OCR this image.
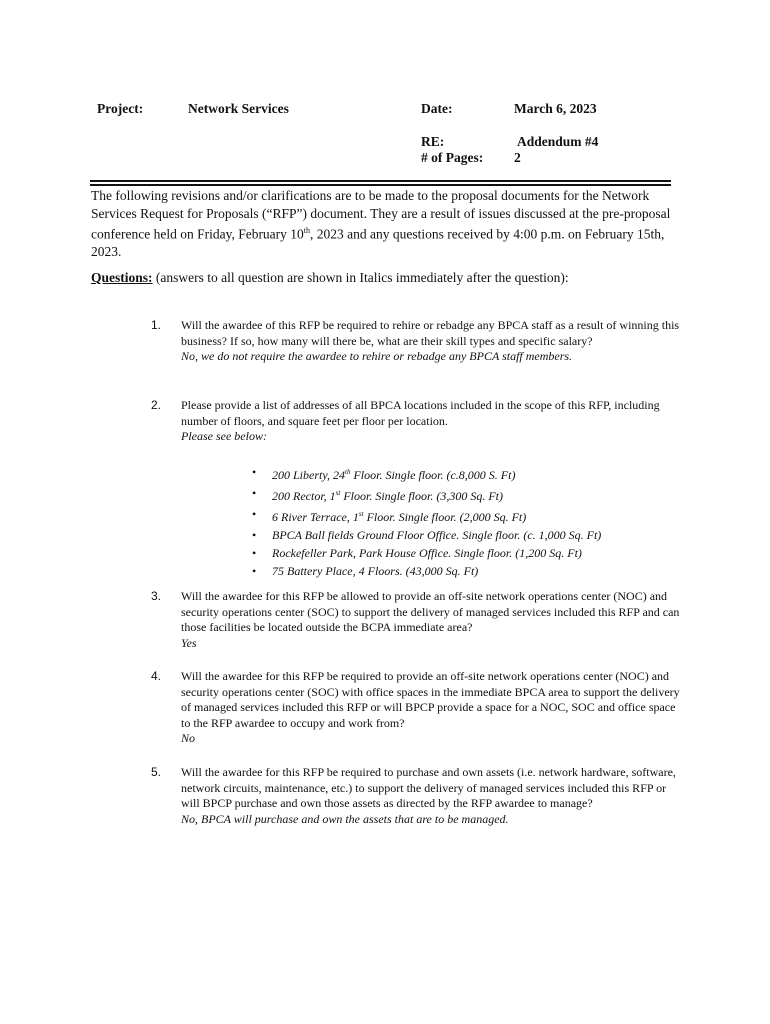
Project:	Network Services	Date:	March 6, 2023
RE:	Addendum #4
# of Pages: 2
The following revisions and/or clarifications are to be made to the proposal documents for the Network Services Request for Proposals (“RFP”) document. They are a result of issues discussed at the pre-proposal conference held on Friday, February 10th, 2023 and any questions received by 4:00 p.m. on February 15th, 2023.
Questions: (answers to all question are shown in Italics immediately after the question):
1. Will the awardee of this RFP be required to rehire or rebadge any BPCA staff as a result of winning this business? If so, how many will there be, what are their skill types and specific salary?
No, we do not require the awardee to rehire or rebadge any BPCA staff members.
2. Please provide a list of addresses of all BPCA locations included in the scope of this RFP, including number of floors, and square feet per floor per location.
Please see below:
• 200 Liberty, 24th Floor. Single floor. (c.8,000 S. Ft)
• 200 Rector, 1st Floor. Single floor. (3,300 Sq. Ft)
• 6 River Terrace, 1st Floor. Single floor. (2,000 Sq. Ft)
• BPCA Ball fields Ground Floor Office. Single floor. (c. 1,000 Sq. Ft)
• Rockefeller Park, Park House Office. Single floor. (1,200 Sq. Ft)
• 75 Battery Place, 4 Floors. (43,000 Sq. Ft)
3. Will the awardee for this RFP be allowed to provide an off-site network operations center (NOC) and security operations center (SOC) to support the delivery of managed services included this RFP and can those facilities be located outside the BCPA immediate area?
Yes
4. Will the awardee for this RFP be required to provide an off-site network operations center (NOC) and security operations center (SOC) with office spaces in the immediate BPCA area to support the delivery of managed services included this RFP or will BPCP provide a space for a NOC, SOC and office space to the RFP awardee to occupy and work from?
No
5. Will the awardee for this RFP be required to purchase and own assets (i.e. network hardware, software, network circuits, maintenance, etc.) to support the delivery of managed services included this RFP or will BPCP purchase and own those assets as directed by the RFP awardee to manage?
No, BPCA will purchase and own the assets that are to be managed.
